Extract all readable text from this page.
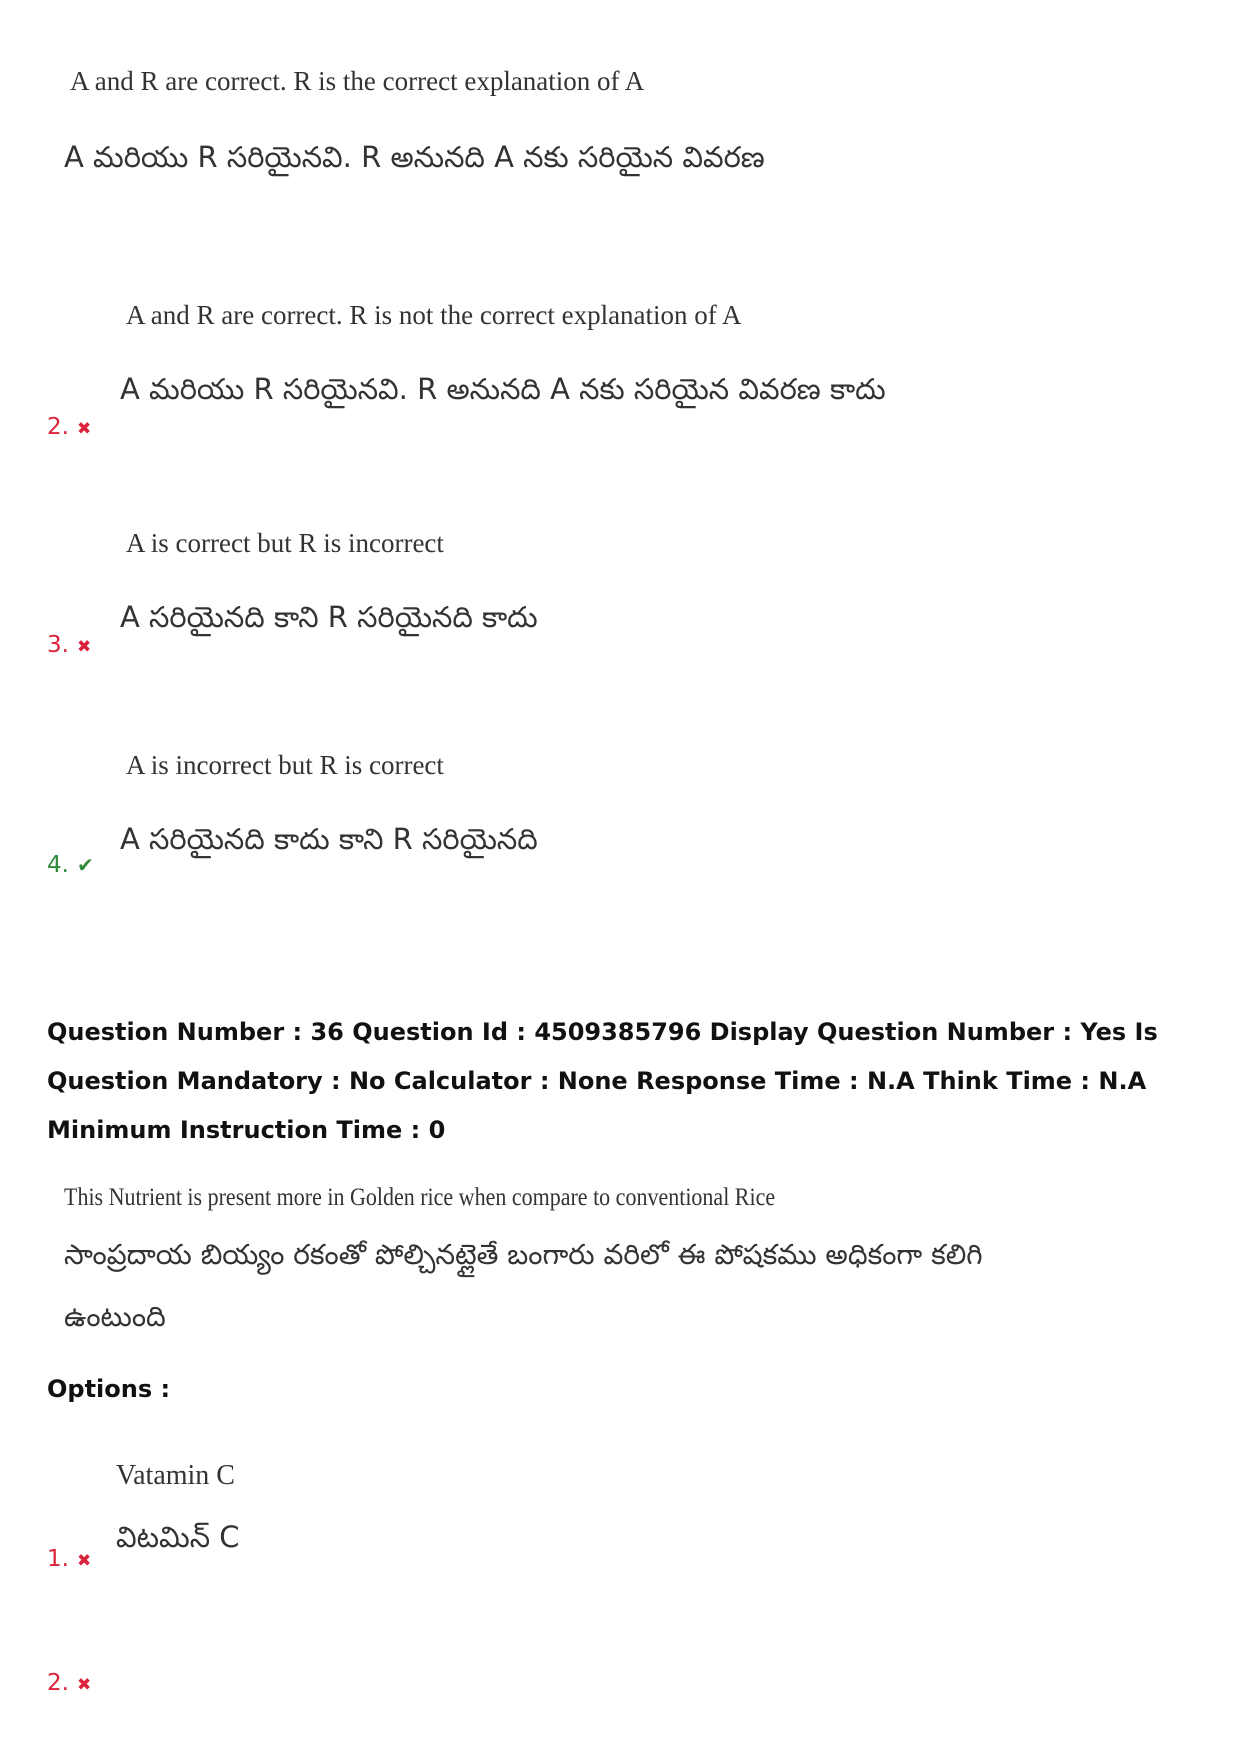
A and R are correct. R is the correct explanation of A
A మరియు R సరియైనవి. R అనునది A నకు సరియైన వివరణ
A and R are correct. R is not the correct explanation of A
A మరియు R సరియైనవి. R అనునది A నకు సరియైన వివరణ కాదు
2. ✖
A is correct but R is incorrect
A సరియైనది కాని R సరియైనది కాదు
3. ✖
A is incorrect but R is correct
A సరియైనది కాదు కాని R సరియైనది
4. ✔
Question Number : 36 Question Id : 4509385796 Display Question Number : Yes Is Question Mandatory : No Calculator : None Response Time : N.A Think Time : N.A Minimum Instruction Time : 0
This Nutrient is present more in Golden rice when compare to conventional Rice
సాంప్రదాయ బియ్యం రకంతో పోల్చినట్లైతే బంగారు వరిలో ఈ పోషకము అధికంగా కలిగి
ఉంటుంది
Options :
Vatamin C
విటమిన్ C
1. ✖
2. ✖
